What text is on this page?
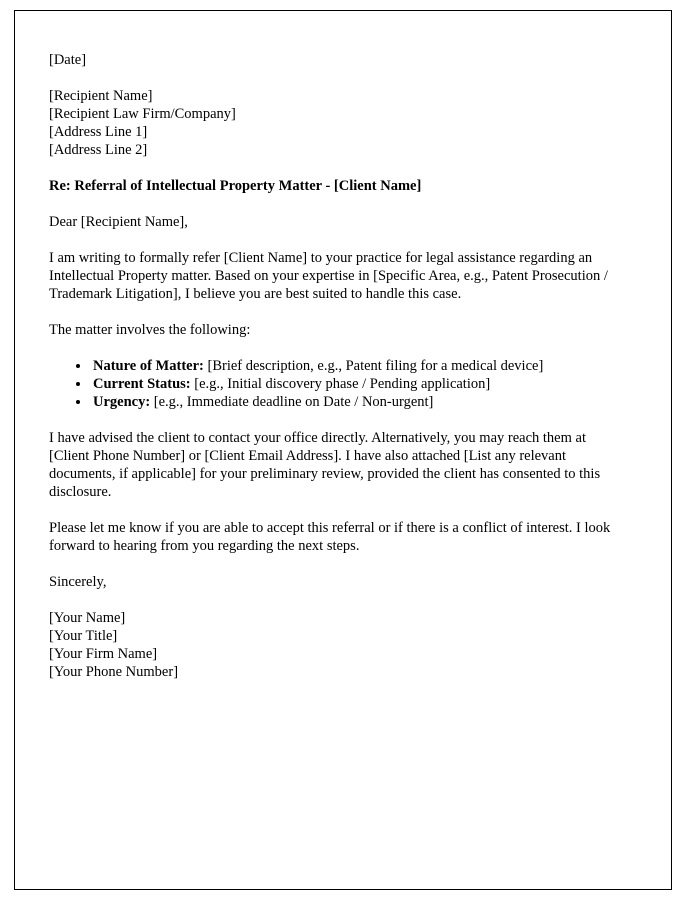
[Date]

[Recipient Name]
[Recipient Law Firm/Company]
[Address Line 1]
[Address Line 2]

Re: Referral of Intellectual Property Matter - [Client Name]

Dear [Recipient Name],

I am writing to formally refer [Client Name] to your practice for legal assistance regarding an Intellectual Property matter. Based on your expertise in [Specific Area, e.g., Patent Prosecution / Trademark Litigation], I believe you are best suited to handle this case.

The matter involves the following:

• Nature of Matter: [Brief description, e.g., Patent filing for a medical device]
• Current Status: [e.g., Initial discovery phase / Pending application]
• Urgency: [e.g., Immediate deadline on Date / Non-urgent]

I have advised the client to contact your office directly. Alternatively, you may reach them at [Client Phone Number] or [Client Email Address]. I have also attached [List any relevant documents, if applicable] for your preliminary review, provided the client has consented to this disclosure.

Please let me know if you are able to accept this referral or if there is a conflict of interest. I look forward to hearing from you regarding the next steps.

Sincerely,

[Your Name]
[Your Title]
[Your Firm Name]
[Your Phone Number]
